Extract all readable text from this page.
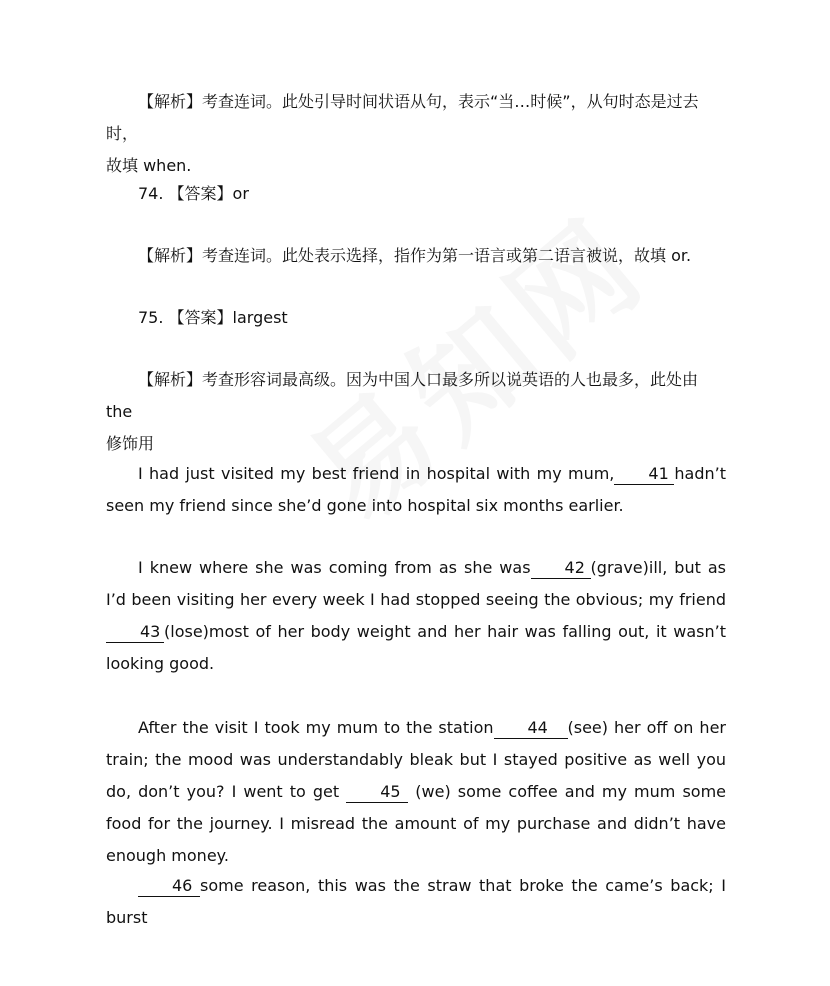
【解析】考查连词。此处引导时间状语从句，表示“当…时候”，从句时态是过去时，
故填 when.

74. 【答案】or

【解析】考查连词。此处表示选择，指作为第一语言或第二语言被说，故填 or.

75. 【答案】largest

【解析】考查形容词最高级。因为中国人口最多所以说英语的人也最多，此处由 the
修饰用

I had just visited my best friend in hospital with my mum, 41 hadn’t seen my friend since she’d gone into hospital six months earlier.

I knew where she was coming from as she was 42 (grave)ill, but as I’d been visiting her every week I had stopped seeing the obvious; my friend43 (lose)most of her body weight and her hair was falling out, it wasn’t looking good.

After the visit I took my mum to the station 44 (see) her off on her train; the mood was understandably bleak but I stayed positive as well you do, don’t you? I went to get 45 (we) some coffee and my mum some food for the journey. I misread the amount of my purchase and didn’t have enough money.

46 some reason, this was the straw that broke the came’s back; I burst
